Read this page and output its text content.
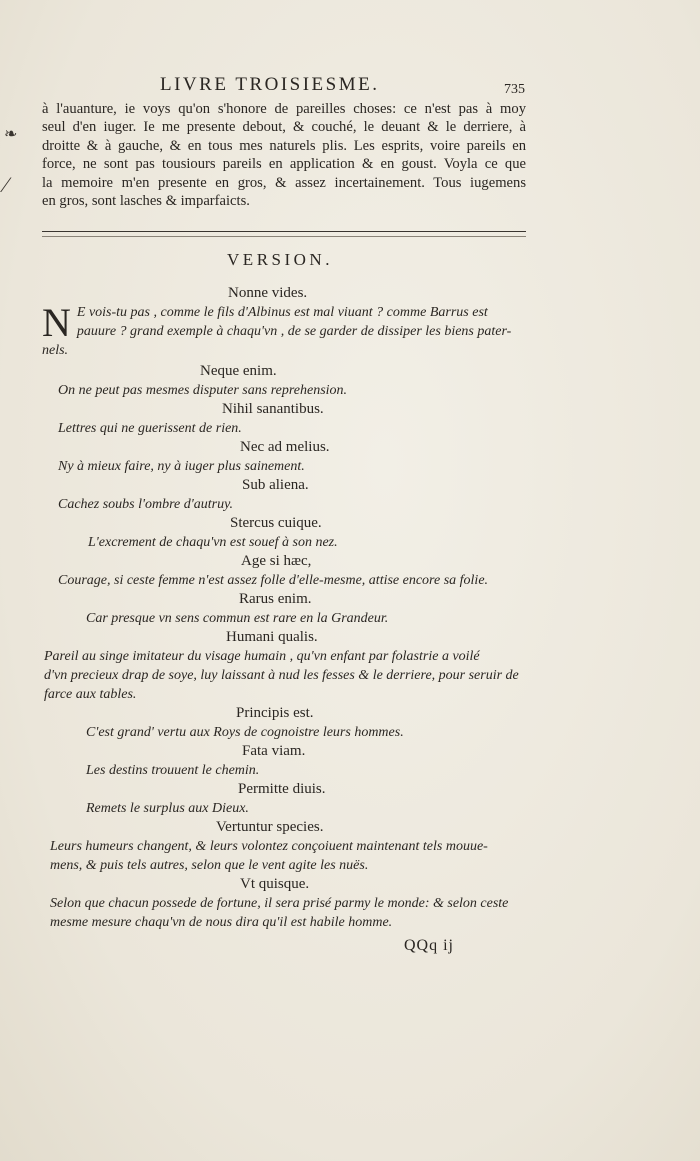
LIVRE TROISIESME.	735
❧
⁄

à l'auanture, ie voys qu'on s'honore de pareilles choses: ce n'est pas à moy

seul d'en iuger. Ie me presente debout, & couché, le deuant & le derriere, à

droitte & à gauche, & en tous mes naturels plis. Les esprits, voire pareils en

force, ne sont pas tousiours pareils en application & en goust. Voyla ce que

la memoire m'en presente en gros, & assez incertainement. Tous iugemens

en gros, sont lasches & imparfaicts.

VERSION.

Nonne vides.

N E vois-tu pas , comme le fils d'Albinus est mal viuant ? comme Barrus est

pauure ? grand exemple à chaqu'vn , de se garder de dissiper les biens pater-

nels.

Neque enim.

On ne peut pas mesmes disputer sans reprehension.

Nihil sanantibus.

Lettres qui ne guerissent de rien.

Nec ad melius.

Ny à mieux faire, ny à iuger plus sainement.

Sub aliena.

Cachez soubs l'ombre d'autruy.

Stercus cuique.

L'excrement de chaqu'vn est souef à son nez.

Age si hæc,

Courage, si ceste femme n'est assez folle d'elle-mesme, attise encore sa folie.

Rarus enim.

Car presque vn sens commun est rare en la Grandeur.

Humani qualis.

Pareil au singe imitateur du visage humain , qu'vn enfant par folastrie a voilé

d'vn precieux drap de soye, luy laissant à nud les fesses & le derriere, pour seruir de

farce aux tables.

Principis est.

C'est grand' vertu aux Roys de cognoistre leurs hommes.

Fata viam.

Les destins trouuent le chemin.

Permitte diuis.

Remets le surplus aux Dieux.

Vertuntur species.

Leurs humeurs changent, & leurs volontez conçoiuent maintenant tels mouue-

mens, & puis tels autres, selon que le vent agite les nuës.

Vt quisque.

Selon que chacun possede de fortune, il sera prisé parmy le monde: & selon ceste

mesme mesure chaqu'vn de nous dira qu'il est habile homme.

QQq ij
